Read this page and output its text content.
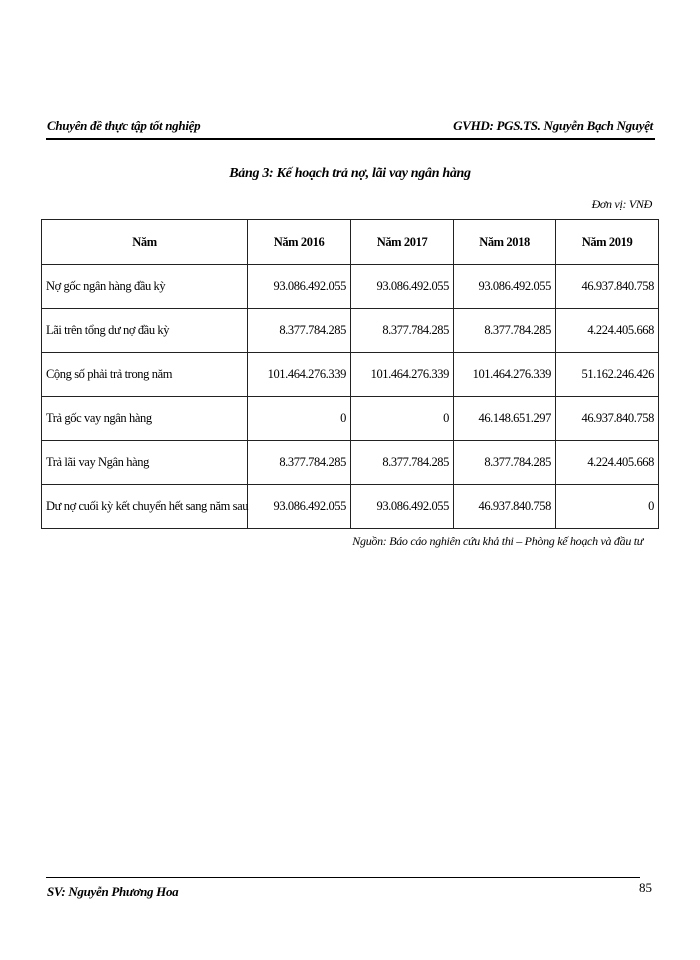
Chuyên đề thực tập tốt nghiệp	GVHD: PGS.TS. Nguyễn Bạch Nguyệt
Bảng 3: Kế hoạch trả nợ, lãi vay ngân hàng
Đơn vị: VNĐ
Năm	Năm 2016	Năm 2017	Năm 2018	Năm 2019
Nợ gốc ngân hàng đầu kỳ	93.086.492.055	93.086.492.055	93.086.492.055	46.937.840.758
Lãi trên tổng dư nợ đầu kỳ	8.377.784.285	8.377.784.285	8.377.784.285	4.224.405.668
Cộng số phải trả trong năm	101.464.276.339	101.464.276.339	101.464.276.339	51.162.246.426
Trả gốc vay ngân hàng	0	0	46.148.651.297	46.937.840.758
Trả lãi vay Ngân hàng	8.377.784.285	8.377.784.285	8.377.784.285	4.224.405.668
Dư nợ cuối kỳ kết chuyển hết sang năm sau	93.086.492.055	93.086.492.055	46.937.840.758	0
Nguồn: Báo cáo nghiên cứu khả thi – Phòng kế hoạch và đầu tư
SV: Nguyễn Phương Hoa	85
